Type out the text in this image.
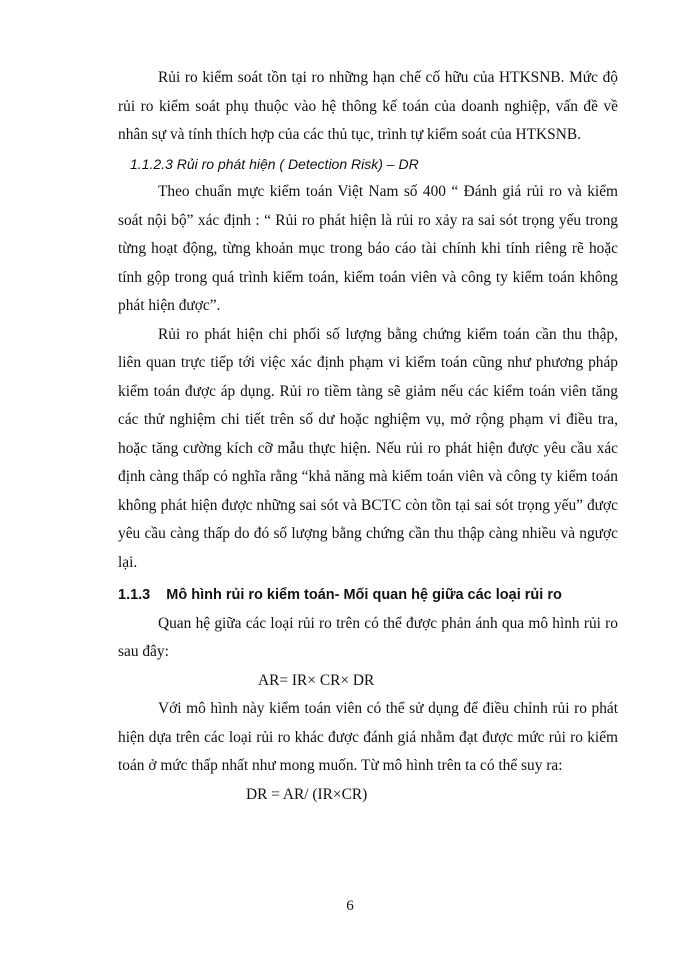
Rủi ro kiểm soát tồn tại ro những hạn chế cố hữu của HTKSNB. Mức độ rủi ro kiểm soát phụ thuộc vào hệ thông kế toán của doanh nghiệp, vấn đề về nhân sự và tính thích hợp của các thủ tục, trình tự kiểm soát của HTKSNB.

1.1.2.3 Rủi ro phát hiện ( Detection Risk) – DR

Theo chuẩn mực kiểm toán Việt Nam số 400 “ Đánh giá rủi ro và kiểm soát nội bộ” xác định : “ Rủi ro phát hiện là rủi ro xảy ra sai sót trọng yếu trong từng hoạt động, từng khoản mục trong báo cáo tài chính khi tính riêng rẽ hoặc tính gộp trong quá trình kiểm toán, kiểm toán viên và công ty kiểm toán không phát hiện được”.

Rủi ro phát hiện chi phối số lượng bằng chứng kiểm toán cần thu thập, liên quan trực tiếp tới việc xác định phạm vi kiểm toán cũng như phương pháp kiểm toán được áp dụng. Rủi ro tiềm tàng sẽ giảm nếu các kiểm toán viên tăng các thử nghiệm chi tiết trên số dư hoặc nghiệm vụ, mở rộng phạm vi điều tra, hoặc tăng cường kích cỡ mẫu thực hiện. Nếu rủi ro phát hiện được yêu cầu xác định càng thấp có nghĩa rằng “khả năng mà kiểm toán viên và công ty kiểm toán không phát hiện được những sai sót và BCTC còn tồn tại sai sót trọng yếu” được yêu cầu càng thấp do đó số lượng bằng chứng cần thu thập càng nhiều và ngược lại.

1.1.3 Mô hình rủi ro kiểm toán- Mối quan hệ giữa các loại rủi ro

Quan hệ giữa các loại rủi ro trên có thể được phản ánh qua mô hình rủi ro sau đây:

AR= IR× CR× DR

Với mô hình này kiểm toán viên có thể sử dụng để điều chỉnh rủi ro phát hiện dựa trên các loại rủi ro khác được đánh giá nhằm đạt được mức rủi ro kiểm toán ở mức thấp nhất như mong muốn. Từ mô hình trên ta có thể suy ra:

DR = AR/ (IR×CR)

6
